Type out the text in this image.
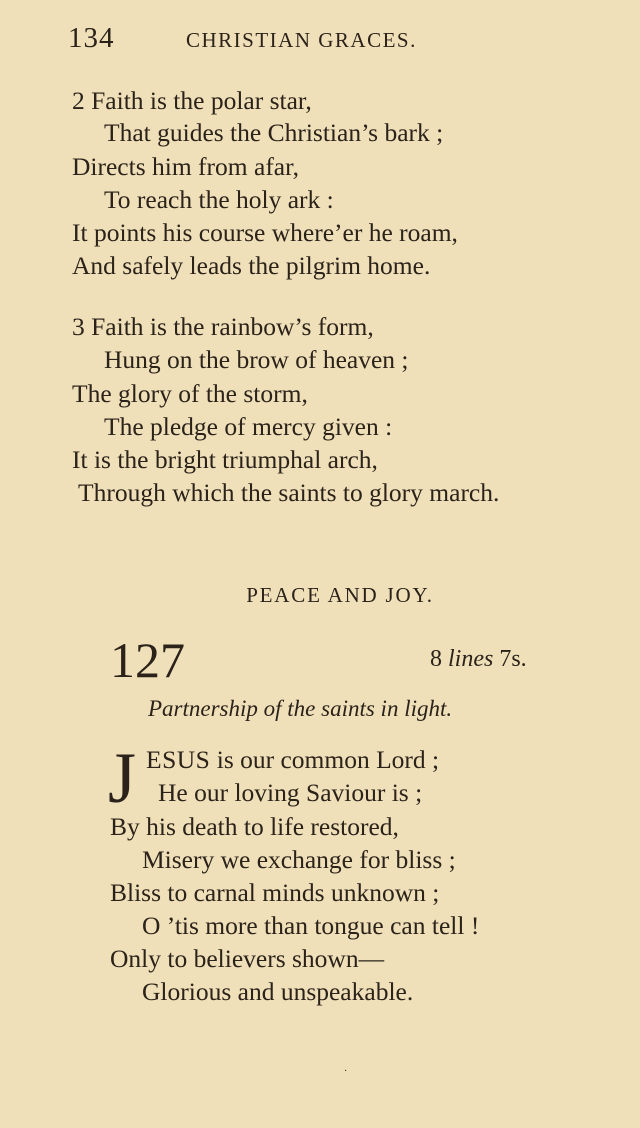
134	CHRISTIAN GRACES.
2 Faith is the polar star,
That guides the Christian’s bark ;
Directs him from afar,
To reach the holy ark :
It points his course where’er he roam,
And safely leads the pilgrim home.
3 Faith is the rainbow’s form,
Hung on the brow of heaven ;
The glory of the storm,
The pledge of mercy given :
It is the bright triumphal arch,
Through which the saints to glory march.
PEACE AND JOY.
127	8 lines 7s.
Partnership of the saints in light.
J ESUS is our common Lord ;
He our loving Saviour is ;
By his death to life restored,
Misery we exchange for bliss ;
Bliss to carnal minds unknown ;
O ’tis more than tongue can tell !
Only to believers shown—
Glorious and unspeakable.
·
